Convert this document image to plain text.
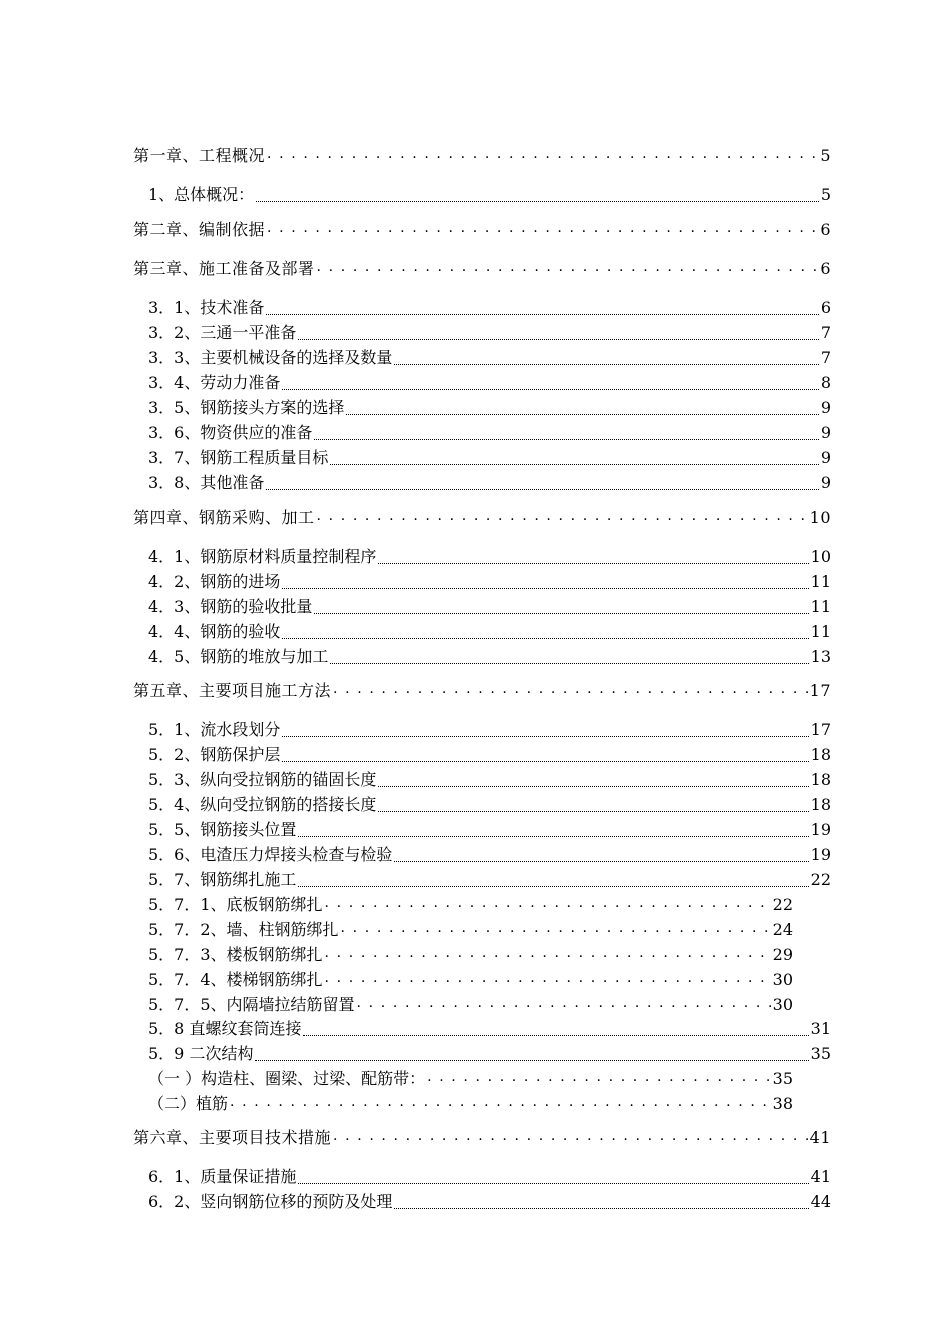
第一章、工程概况 . . .	5
1、总体概况：	5
第二章、编制依据 . . .	6
第三章、施工准备及部署 . . .	6
3．1、技术准备	6
3．2、三通一平准备	7
3．3、主要机械设备的选择及数量	7
3．4、劳动力准备	8
3．5、钢筋接头方案的选择	9
3．6、物资供应的准备	9
3．7、钢筋工程质量目标	9
3．8、其他准备	9
第四章、钢筋采购、加工 . . .	10
4．1、钢筋原材料质量控制程序	10
4．2、钢筋的进场	11
4．3、钢筋的验收批量	11
4．4、钢筋的验收	11
4．5、钢筋的堆放与加工	13
第五章、主要项目施工方法 . . .	17
5．1、流水段划分	17
5．2、钢筋保护层	18
5．3、纵向受拉钢筋的锚固长度	18
5．4、纵向受拉钢筋的搭接长度	18
5．5、钢筋接头位置	19
5．6、电渣压力焊接头检查与检验	19
5．7、钢筋绑扎施工	22
5．7．1、底板钢筋绑扎 . . .	22
5．7．2、墙、柱钢筋绑扎 . . .	24
5．7．3、楼板钢筋绑扎 . . .	29
5．7．4、楼梯钢筋绑扎 . . .	30
5．7．5、内隔墙拉结筋留置 . . .	30
5．8 直螺纹套筒连接	31
5．9 二次结构	35
（一 ）构造柱、圈梁、过梁、配筋带： . . .	35
（二）植筋 . . .	38
第六章、主要项目技术措施 . . .	41
6．1、质量保证措施	41
6．2、竖向钢筋位移的预防及处理	44
